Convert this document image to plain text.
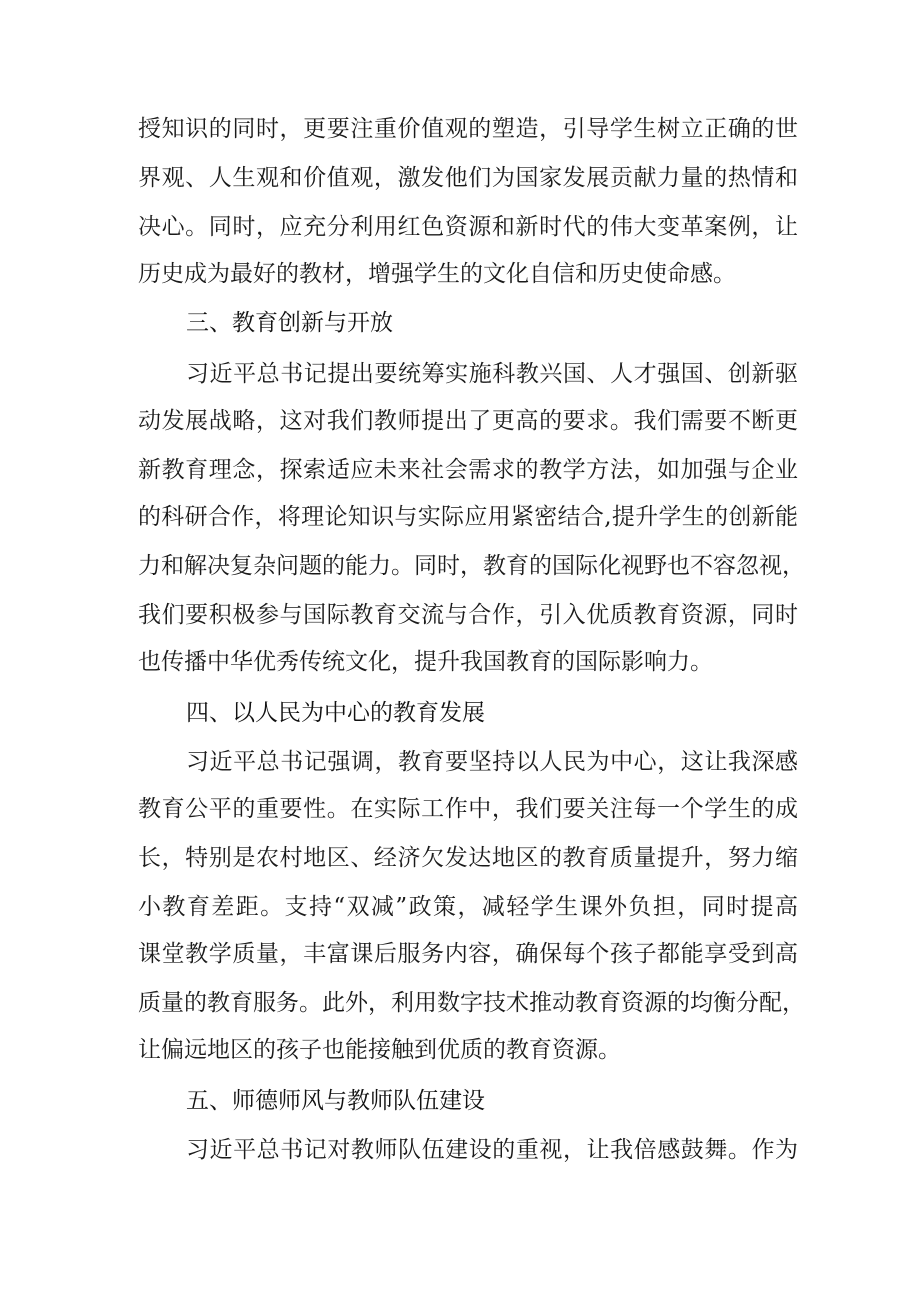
授知识的同时，更要注重价值观的塑造，引导学生树立正确的世
界观、人生观和价值观，激发他们为国家发展贡献力量的热情和
决心。同时，应充分利用红色资源和新时代的伟大变革案例，让
历史成为最好的教材，增强学生的文化自信和历史使命感。
三、教育创新与开放
习近平总书记提出要统筹实施科教兴国、人才强国、创新驱
动发展战略，这对我们教师提出了更高的要求。我们需要不断更
新教育理念，探索适应未来社会需求的教学方法，如加强与企业
的科研合作，将理论知识与实际应用紧密结合,提升学生的创新能
力和解决复杂问题的能力。同时，教育的国际化视野也不容忽视，
我们要积极参与国际教育交流与合作，引入优质教育资源，同时
也传播中华优秀传统文化，提升我国教育的国际影响力。
四、以人民为中心的教育发展
习近平总书记强调，教育要坚持以人民为中心，这让我深感
教育公平的重要性。在实际工作中，我们要关注每一个学生的成
长，特别是农村地区、经济欠发达地区的教育质量提升，努力缩
小教育差距。支持“双减”政策，减轻学生课外负担，同时提高
课堂教学质量，丰富课后服务内容，确保每个孩子都能享受到高
质量的教育服务。此外，利用数字技术推动教育资源的均衡分配，
让偏远地区的孩子也能接触到优质的教育资源。
五、师德师风与教师队伍建设
习近平总书记对教师队伍建设的重视，让我倍感鼓舞。作为
